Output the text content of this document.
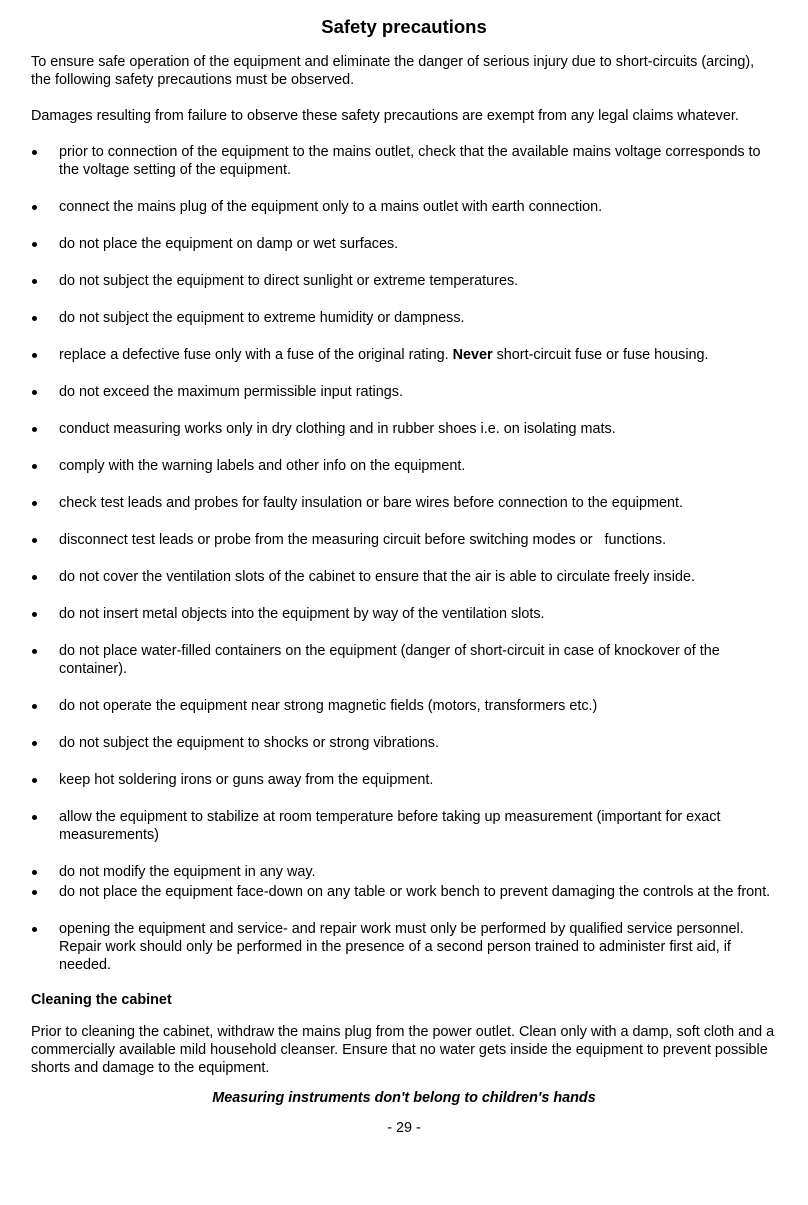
Safety precautions

To ensure safe operation of the equipment and eliminate the danger of serious injury due to short-circuits (arcing), the following safety precautions must be observed.

Damages resulting from failure to observe these safety precautions are exempt from any legal claims whatever.

prior to connection of the equipment to the mains outlet, check that the available mains voltage corresponds to the voltage setting of the equipment.
connect the mains plug of the equipment only to a mains outlet with earth connection.
do not place the equipment on damp or wet surfaces.
do not subject the equipment to direct sunlight or extreme temperatures.
do not subject the equipment to extreme humidity or dampness.
replace a defective fuse only with a fuse of the original rating. Never short-circuit fuse or fuse housing.
do not exceed the maximum permissible input ratings.
conduct measuring works only in dry clothing and in rubber shoes i.e. on isolating mats.
comply with the warning labels and other info on the equipment.
check test leads and probes for faulty insulation or bare wires before connection to the equipment.
disconnect test leads or probe from the measuring circuit before switching modes or   functions.
do not cover the ventilation slots of the cabinet to ensure that the air is able to circulate freely inside.
do not insert metal objects into the equipment by way of the ventilation slots.
do not place water-filled containers on the equipment (danger of short-circuit in case of knockover of the container).
do not operate the equipment near strong magnetic fields (motors, transformers etc.)
do not subject the equipment to shocks or strong vibrations.
keep hot soldering irons or guns away from the equipment.
allow the equipment to stabilize at room temperature before taking up measurement (important for exact measurements)
do not modify the equipment in any way.
do not place the equipment face-down on any table or work bench to prevent damaging the controls at the front.
opening the equipment and service- and repair work must only be performed by qualified service personnel. Repair work should only be performed in the presence of a second person trained to administer first aid, if needed.
Cleaning the cabinet

Prior to cleaning the cabinet, withdraw the mains plug from the power outlet. Clean only with a damp, soft cloth and a commercially available mild household cleanser. Ensure that no water gets inside the equipment to prevent possible shorts and damage to the equipment.

Measuring instruments don't belong to children's hands

- 29 -
